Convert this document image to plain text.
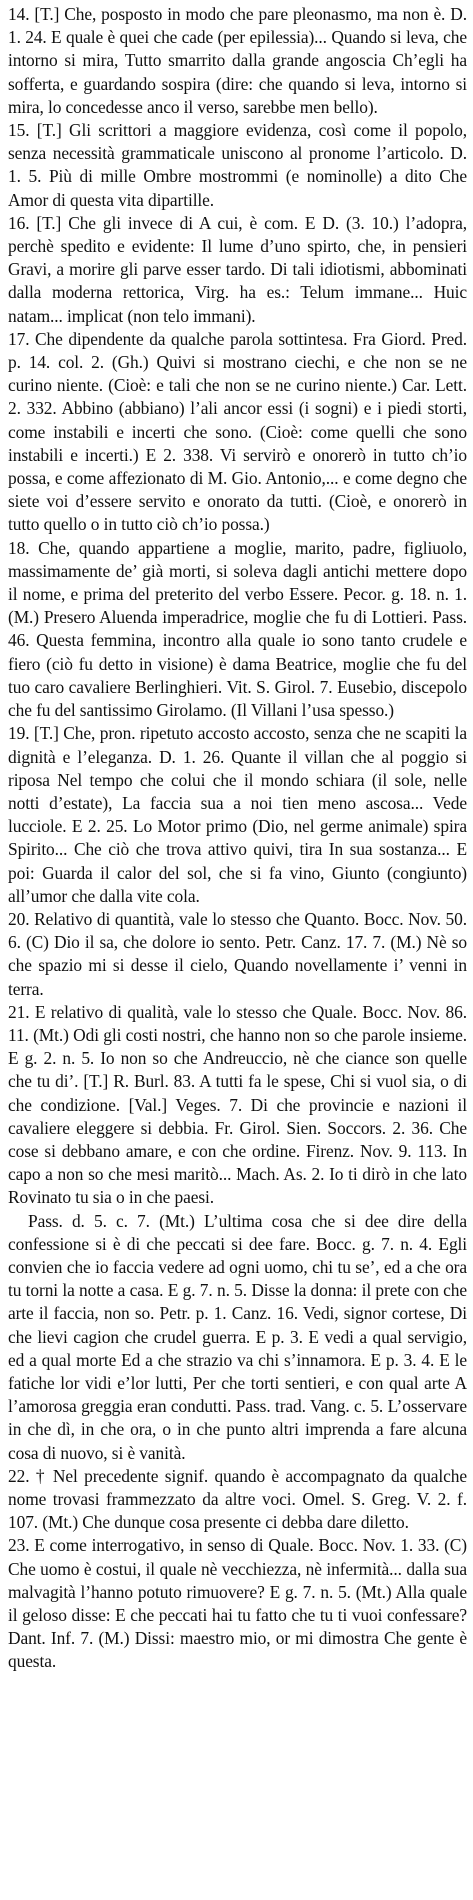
14. [T.] Che, posposto in modo che pare pleonasmo, ma non è. D. 1. 24. E quale è quei che cade (per epilessia)... Quando si leva, che intorno si mira, Tutto smarrito dalla grande angoscia Ch’egli ha sofferta, e guardando sospira (dire: che quando si leva, intorno si mira, lo concedesse anco il verso, sarebbe men bello).

15. [T.] Gli scrittori a maggiore evidenza, così come il popolo, senza necessità grammaticale uniscono al pronome l’articolo. D. 1. 5. Più di mille Ombre mostrommi (e nominolle) a dito Che Amor di questa vita dipartille.

16. [T.] Che gli invece di A cui, è com. E D. (3. 10.) l’adopra, perchè spedito e evidente: Il lume d’uno spirto, che, in pensieri Gravi, a morire gli parve esser tardo. Di tali idiotismi, abbominati dalla moderna rettorica, Virg. ha es.: Telum immane... Huic natam... implicat (non telo immani).

17. Che dipendente da qualche parola sottintesa. Fra Giord. Pred. p. 14. col. 2. (Gh.) Quivi si mostrano ciechi, e che non se ne curino niente. (Cioè: e tali che non se ne curino niente.) Car. Lett. 2. 332. Abbino (abbiano) l’ali ancor essi (i sogni) e i piedi storti, come instabili e incerti che sono. (Cioè: come quelli che sono instabili e incerti.) E 2. 338. Vi servirò e onorerò in tutto ch’io possa, e come affezionato di M. Gio. Antonio,... e come degno che siete voi d’essere servito e onorato da tutti. (Cioè, e onorerò in tutto quello o in tutto ciò ch’io possa.)

18. Che, quando appartiene a moglie, marito, padre, figliuolo, massimamente de’ già morti, si soleva dagli antichi mettere dopo il nome, e prima del preterito del verbo Essere. Pecor. g. 18. n. 1. (M.) Presero Aluenda imperadrice, moglie che fu di Lottieri. Pass. 46. Questa femmina, incontro alla quale io sono tanto crudele e fiero (ciò fu detto in visione) è dama Beatrice, moglie che fu del tuo caro cavaliere Berlinghieri. Vit. S. Girol. 7. Eusebio, discepolo che fu del santissimo Girolamo. (Il Villani l’usa spesso.)

19. [T.] Che, pron. ripetuto accosto accosto, senza che ne scapiti la dignità e l’eleganza. D. 1. 26. Quante il villan che al poggio si riposa Nel tempo che colui che il mondo schiara (il sole, nelle notti d’estate), La faccia sua a noi tien meno ascosa... Vede lucciole. E 2. 25. Lo Motor primo (Dio, nel germe animale) spira Spirito... Che ciò che trova attivo quivi, tira In sua sostanza... E poi: Guarda il calor del sol, che si fa vino, Giunto (congiunto) all’umor che dalla vite cola.

20. Relativo di quantità, vale lo stesso che Quanto. Bocc. Nov. 50. 6. (C) Dio il sa, che dolore io sento. Petr. Canz. 17. 7. (M.) Nè so che spazio mi si desse il cielo, Quando novellamente i’ venni in terra.

21. E relativo di qualità, vale lo stesso che Quale. Bocc. Nov. 86. 11. (Mt.) Odi gli costi nostri, che hanno non so che parole insieme. E g. 2. n. 5. Io non so che Andreuccio, nè che ciance son quelle che tu di’. [T.] R. Burl. 83. A tutti fa le spese, Chi si vuol sia, o di che condizione. [Val.] Veges. 7. Di che provincie e nazioni il cavaliere eleggere si debbia. Fr. Girol. Sien. Soccors. 2. 36. Che cose si debbano amare, e con che ordine. Firenz. Nov. 9. 113. In capo a non so che mesi maritò... Mach. As. 2. Io ti dirò in che lato Rovinato tu sia o in che paesi.

Pass. d. 5. c. 7. (Mt.) L’ultima cosa che si dee dire della confessione si è di che peccati si dee fare. Bocc. g. 7. n. 4. Egli convien che io faccia vedere ad ogni uomo, chi tu se’, ed a che ora tu torni la notte a casa. E g. 7. n. 5. Disse la donna: il prete con che arte il faccia, non so. Petr. p. 1. Canz. 16. Vedi, signor cortese, Di che lievi cagion che crudel guerra. E p. 3. E vedi a qual servigio, ed a qual morte Ed a che strazio va chi s’innamora. E p. 3. 4. E le fatiche lor vidi e’lor lutti, Per che torti sentieri, e con qual arte A l’amorosa greggia eran condutti. Pass. trad. Vang. c. 5. L’osservare in che dì, in che ora, o in che punto altri imprenda a fare alcuna cosa di nuovo, si è vanità.

22. † Nel precedente signif. quando è accompagnato da qualche nome trovasi frammezzato da altre voci. Omel. S. Greg. V. 2. f. 107. (Mt.) Che dunque cosa presente ci debba dare diletto.

23. E come interrogativo, in senso di Quale. Bocc. Nov. 1. 33. (C) Che uomo è costui, il quale nè vecchiezza, nè infermità... dalla sua malvagità l’hanno potuto rimuovere? E g. 7. n. 5. (Mt.) Alla quale il geloso disse: E che peccati hai tu fatto che tu ti vuoi confessare? Dant. Inf. 7. (M.) Dissi: maestro mio, or mi dimostra Che gente è questa.
